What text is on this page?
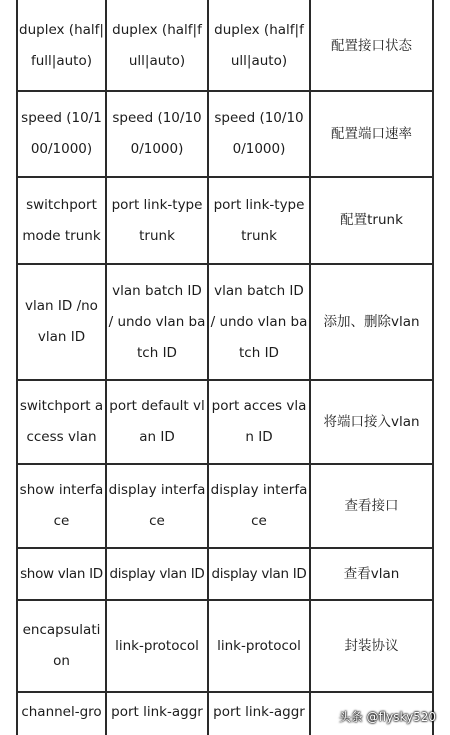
duplex (half|full|auto)	duplex (half|full|auto)	duplex (half|full|auto)	配置接口状态
speed (10/100/1000)	speed (10/100/1000)	speed (10/100/1000)	配置端口速率
switchport mode trunk	port link-type trunk	port link-type trunk	配置trunk
vlan ID /no vlan ID	vlan batch ID / undo vlan batch ID	vlan batch ID / undo vlan batch ID	添加、删除vlan
switchport access vlan	port default vlan ID	port acces vlan ID	将端口接入vlan
show interface	display interface	display interface	查看接口
show vlan ID	display vlan ID	display vlan ID	查看vlan
encapsulation	link-protocol	link-protocol	封装协议
channel-gro	port link-aggr	port link-aggr		头条 @flysky520
